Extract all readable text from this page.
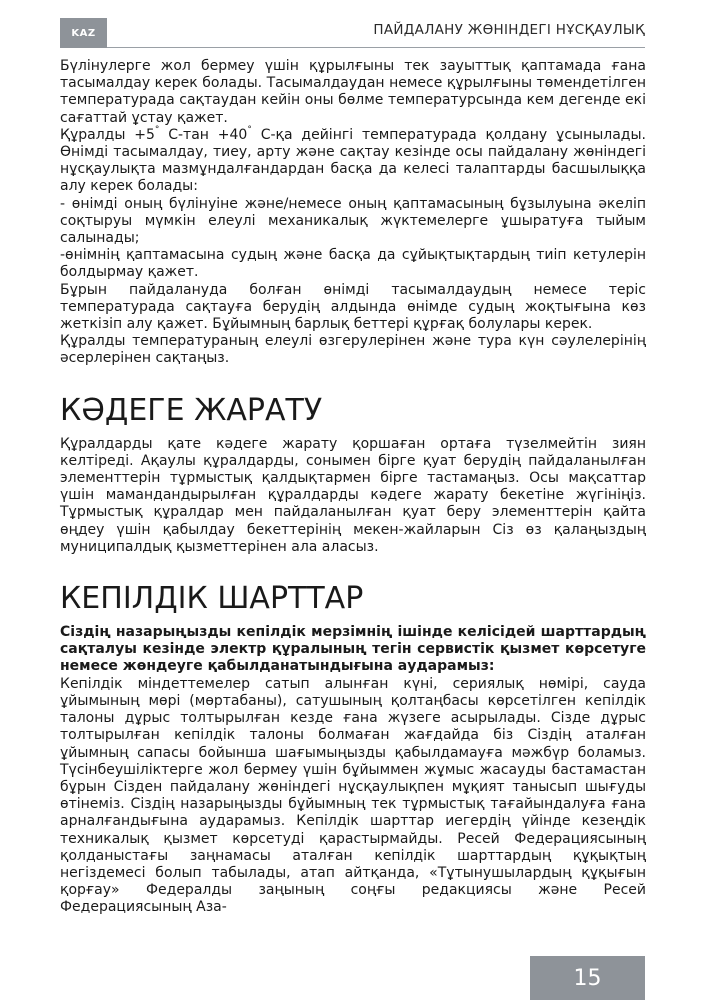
KAZ	ПАЙДАЛАНУ ЖӨНІНДЕГІ НҰСҚАУЛЫҚ

Бүлінулерге жол бермеу үшін құрылғыны тек зауыттық қаптамада ғана тасымалдау керек болады. Тасымалдаудан немесе құрылғыны төмендетілген температурада сақтаудан кейін оны бөлме температурсында кем дегенде екі сағаттай ұстау қажет.

Құралды +5° С-тан +40° С-қа дейінгі температурада қолдану ұсынылады. Өнімді тасымалдау, тиеу, арту және сақтау кезінде осы пайдалану жөніндегі нұсқаулықта мазмұндалғандардан басқа да келесі талаптарды басшылыққа алу керек болады:

- өнімді оның бүлінуіне және/немесе оның қаптамасының бұзылуына әкеліп соқтыруы мүмкін елеулі механикалық жүктемелерге ұшыратуға тыйым салынады;

-өнімнің қаптамасына судың және басқа да сұйықтықтардың тиіп кетулерін болдырмау қажет.

Бұрын пайдалануда болған өнімді тасымалдаудың немесе теріс температурада сақтауға берудің алдында өнімде судың жоқтығына көз жеткізіп алу қажет. Бұйымның барлық беттері құрғақ болулары керек.

Құралды температураның елеулі өзгерулерінен және тура күн сәулелерінің әсерлерінен сақтаңыз.

КӘДЕГЕ ЖАРАТУ

Құралдарды қате кәдеге жарату қоршаған ортаға түзелмейтін зиян келтіреді. Ақаулы құралдарды, сонымен бірге қуат берудің пайдаланылған элементтерін тұрмыстық қалдықтармен бірге тастамаңыз. Осы мақсаттар үшін мамандандырылған құралдарды кәдеге жарату бекетіне жүгініңіз. Тұрмыстық құралдар мен пайдаланылған қуат беру элементтерін қайта өңдеу үшін қабылдау бекеттерінің мекен-жайларын Сіз өз қалаңыздың муниципалдық қызметтерінен ала аласыз.

КЕПІЛДІК ШАРТТАР

Сіздің назарыңызды кепілдік мерзімнің ішінде келісідей шарттардың сақталуы кезінде электр құралының тегін сервистік қызмет көрсетуге немесе жөндеуге қабылданатындығына аударамыз:

Кепілдік міндеттемелер сатып алынған күні, сериялық нөмірі, сауда ұйымының мөрі (мөртабаны), сатушының қолтаңбасы көрсетілген кепілдік талоны дұрыс толтырылған кезде ғана жүзеге асырылады. Сізде дұрыс толтырылған кепілдік талоны болмаған жағдайда біз Сіздің аталған ұйымның сапасы бойынша шағымыңызды қабылдамауға мәжбүр боламыз. Түсінбеушіліктерге жол бермеу үшін бұйыммен жұмыс жасауды бастамастан бұрын Сізден пайдалану жөніндегі нұсқаулықпен мұқият танысып шығуды өтінеміз. Сіздің назарыңызды бұйымның тек тұрмыстық тағайындалуға ғана арналғандығына аударамыз. Кепілдік шарттар иегердің үйінде кезеңдік техникалық қызмет көрсетуді қарастырмайды. Ресей Федерациясының қолданыстағы заңнамасы аталған кепілдік шарттардың құқықтың негіздемесі болып табылады, атап айтқанда, «Тұтынушылардың құқығын қорғау» Федералды заңының соңғы редакциясы және Ресей Федерациясының Аза-

15
